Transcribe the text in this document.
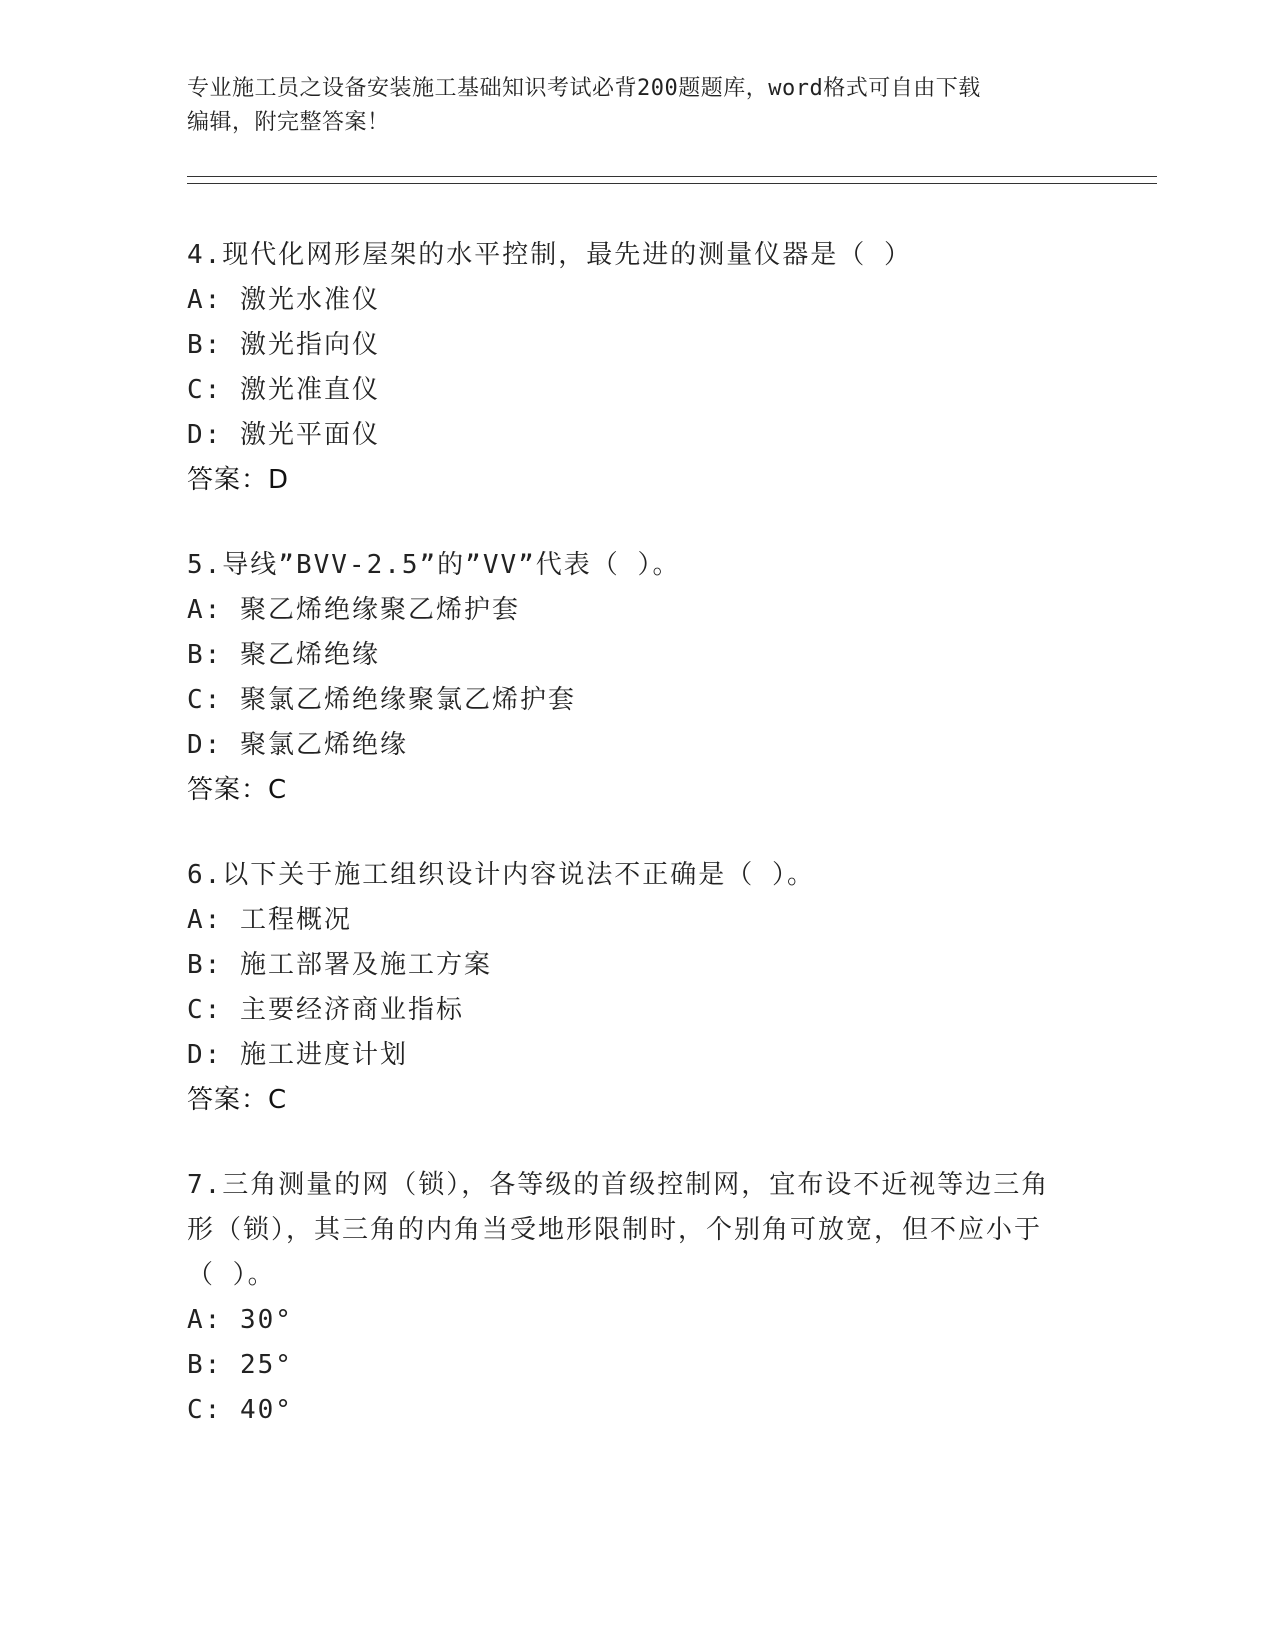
专业施工员之设备安装施工基础知识考试必背200题题库，word格式可自由下载
编辑，附完整答案！
4.现代化网形屋架的水平控制，最先进的测量仪器是（ ）
A: 激光水准仪
B: 激光指向仪
C: 激光准直仪
D: 激光平面仪
答案：D
5.导线”BVV-2.5”的”VV”代表（ ）。
A: 聚乙烯绝缘聚乙烯护套
B: 聚乙烯绝缘
C: 聚氯乙烯绝缘聚氯乙烯护套
D: 聚氯乙烯绝缘
答案：C
6.以下关于施工组织设计内容说法不正确是（ ）。
A: 工程概况
B: 施工部署及施工方案
C: 主要经济商业指标
D: 施工进度计划
答案：C
7.三角测量的网（锁），各等级的首级控制网，宜布设不近视等边三角形（锁），其三角的内角当受地形限制时，个别角可放宽，但不应小于（ ）。
A: 30°
B: 25°
C: 40°
